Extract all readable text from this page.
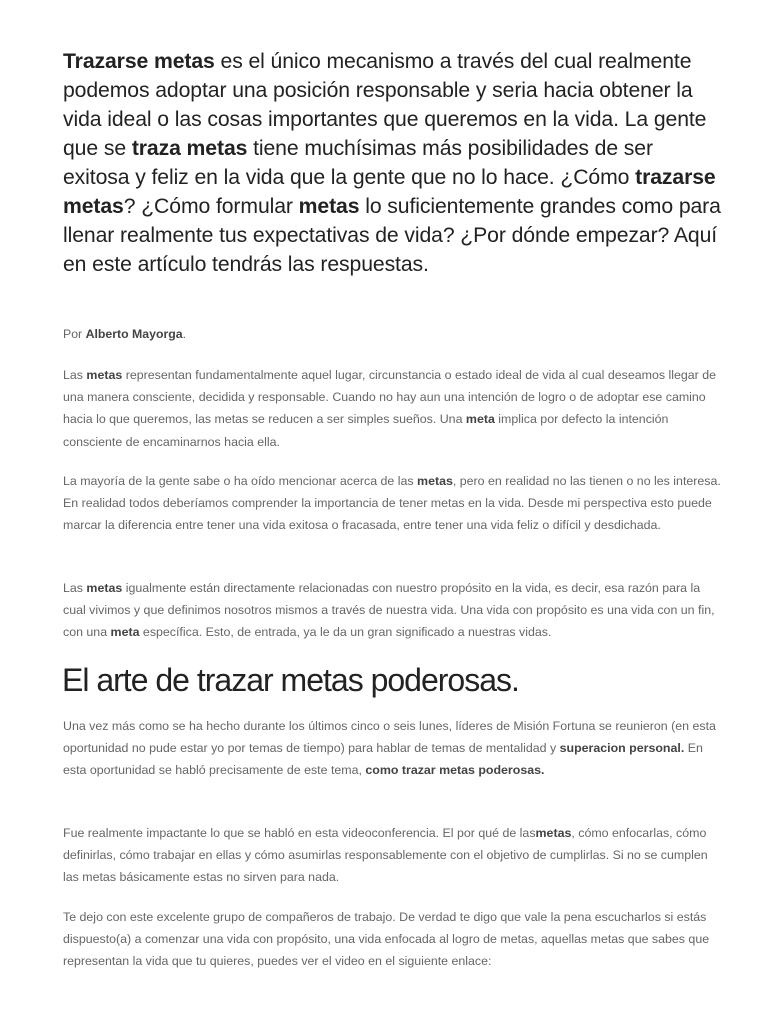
Trazarse metas es el único mecanismo a través del cual realmente podemos adoptar una posición responsable y seria hacia obtener la vida ideal o las cosas importantes que queremos en la vida. La gente que se traza metas tiene muchísimas más posibilidades de ser exitosa y feliz en la vida que la gente que no lo hace. ¿Cómo trazarse metas? ¿Cómo formular metas lo suficientemente grandes como para llenar realmente tus expectativas de vida? ¿Por dónde empezar? Aquí en este artículo tendrás las respuestas.

Por Alberto Mayorga.

Las metas representan fundamentalmente aquel lugar, circunstancia o estado ideal de vida al cual deseamos llegar de una manera consciente, decidida y responsable. Cuando no hay aun una intención de logro o de adoptar ese camino hacia lo que queremos, las metas se reducen a ser simples sueños. Una meta implica por defecto la intención consciente de encaminarnos hacia ella.

La mayoría de la gente sabe o ha oído mencionar acerca de las metas, pero en realidad no las tienen o no les interesa. En realidad todos deberíamos comprender la importancia de tener metas en la vida. Desde mi perspectiva esto puede marcar la diferencia entre tener una vida exitosa o fracasada, entre tener una vida feliz o difícil y desdichada.

Las metas igualmente están directamente relacionadas con nuestro propósito en la vida, es decir, esa razón para la cual vivimos y que definimos nosotros mismos a través de nuestra vida. Una vida con propósito es una vida con un fin, con una meta específica. Esto, de entrada, ya le da un gran significado a nuestras vidas.

El arte de trazar metas poderosas.

Una vez más como se ha hecho durante los últimos cinco o seis lunes, líderes de Misión Fortuna se reunieron (en esta oportunidad no pude estar yo por temas de tiempo) para hablar de temas de mentalidad y superacion personal. En esta oportunidad se habló precisamente de este tema, como trazar metas poderosas.

Fue realmente impactante lo que se habló en esta videoconferencia. El por qué de lasmetas, cómo enfocarlas, cómo definirlas, cómo trabajar en ellas y cómo asumirlas responsablemente con el objetivo de cumplirlas. Si no se cumplen las metas básicamente estas no sirven para nada.

Te dejo con este excelente grupo de compañeros de trabajo. De verdad te digo que vale la pena escucharlos si estás dispuesto(a) a comenzar una vida con propósito, una vida enfocada al logro de metas, aquellas metas que sabes que representan la vida que tu quieres, puedes ver el video en el siguiente enlace:
